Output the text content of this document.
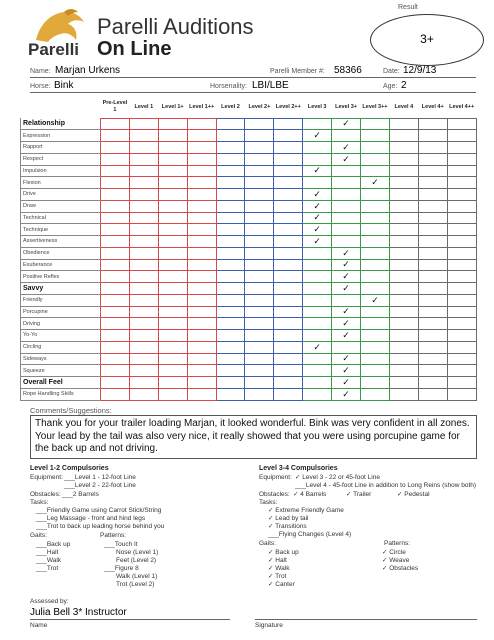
Parelli
Parelli Auditions
On Line
Result
3+
Name: Marjan Urkens	Parelli Member #: 58366	Date: 12/9/13
Horse: Bink	Horsenality: LBI/LBE	Age: 2
	Pre-Level 1	Level 1	Level 1+	Level 1++	Level 2	Level 2+	Level 2++	Level 3	Level 3+	Level 3++	Level 4	Level 4+	Level 4++
Relationship									✓				
Expression								✓					
Rapport									✓				
Respect									✓				
Impulsion								✓					
Flexion										✓			
Drive								✓					
Draw								✓					
Technical								✓					
Technique								✓					
Assertiveness								✓					
Obedience									✓				
Exuberance									✓				
Positive Reflex									✓				
Savvy									✓				
Friendly										✓			
Porcupine									✓				
Driving									✓				
Yo-Yo									✓				
Circling								✓					
Sideways									✓				
Squeeze									✓				
Overall Feel									✓				
Rope Handling Skills									✓				
Comments/Suggestions:
Thank you for your trailer loading Marjan, it looked wonderful. Bink was very confident in all zones. Your lead by the tail was also very nice, it really showed that you were using porcupine game for the back up and not driving.
Level 1-2 Compulsories
Equipment: ___Level 1 - 12-foot Line
___Level 2 - 22-foot Line
Obstacles: ___2 Barrels
Tasks:
___Friendly Game using Carrot Stick/String
___Leg Massage - front and hind legs
___Trot to back up leading horse behind you
Gaits:	Patterns:
___Back up
___Halt
___Walk
___Trot
___Touch It
Nose (Level 1)
Feet (Level 2)
___Figure 8
Walk (Level 1)
Trot (Level 2)
Level 3-4 Compulsories
Equipment: ✓ Level 3 - 22 or 45-foot Line
___Level 4 - 45-foot Line in addition to Long Reins (show both)
Obstacles: ✓ 4 Barrels	✓ Trailer	✓ Pedestal
Tasks:
✓ Extreme Friendly Game
✓ Lead by tail
✓ Transitions
___Flying Changes (Level 4)
Gaits:	Patterns:
✓ Back up
✓ Halt
✓ Walk
✓ Trot
✓ Canter
✓ Circle
✓ Weave
✓ Obstacles
Assessed by:
Julia Bell 3* Instructor
Name	Signature
